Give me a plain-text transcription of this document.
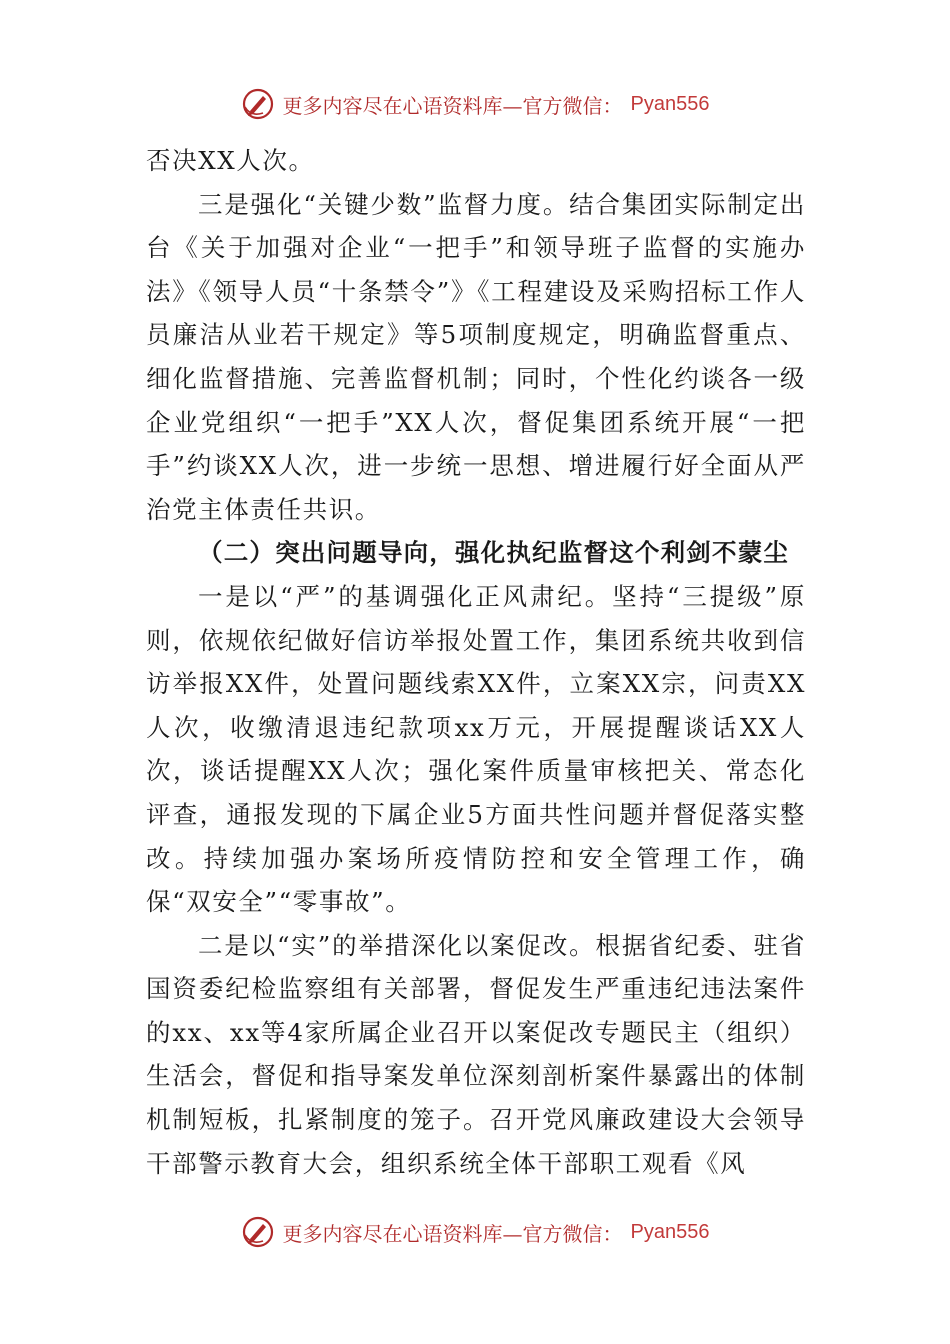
更多内容尽在心语资料库—官方微信： Pyan556

否决XX人次。

三是强化“关键少数”监督力度。结合集团实际制定出台《关于加强对企业“一把手”和领导班子监督的实施办法》《领导人员“十条禁令”》《工程建设及采购招标工作人员廉洁从业若干规定》等5项制度规定，明确监督重点、细化监督措施、完善监督机制；同时，个性化约谈各一级企业党组织“一把手”XX人次，督促集团系统开展“一把手”约谈XX人次，进一步统一思想、增进履行好全面从严治党主体责任共识。

（二）突出问题导向，强化执纪监督这个利剑不蒙尘

一是以“严”的基调强化正风肃纪。坚持“三提级”原则，依规依纪做好信访举报处置工作，集团系统共收到信访举报XX件，处置问题线索XX件，立案XX宗，问责XX人次，收缴清退违纪款项xx万元，开展提醒谈话XX人次，谈话提醒XX人次；强化案件质量审核把关、常态化评查，通报发现的下属企业5方面共性问题并督促落实整改。持续加强办案场所疫情防控和安全管理工作，确保“双安全”“零事故”。

二是以“实”的举措深化以案促改。根据省纪委、驻省国资委纪检监察组有关部署，督促发生严重违纪违法案件的xx、xx等4家所属企业召开以案促改专题民主（组织）生活会，督促和指导案发单位深刻剖析案件暴露出的体制机制短板，扎紧制度的笼子。召开党风廉政建设大会领导干部警示教育大会，组织系统全体干部职工观看《风

更多内容尽在心语资料库—官方微信： Pyan556
